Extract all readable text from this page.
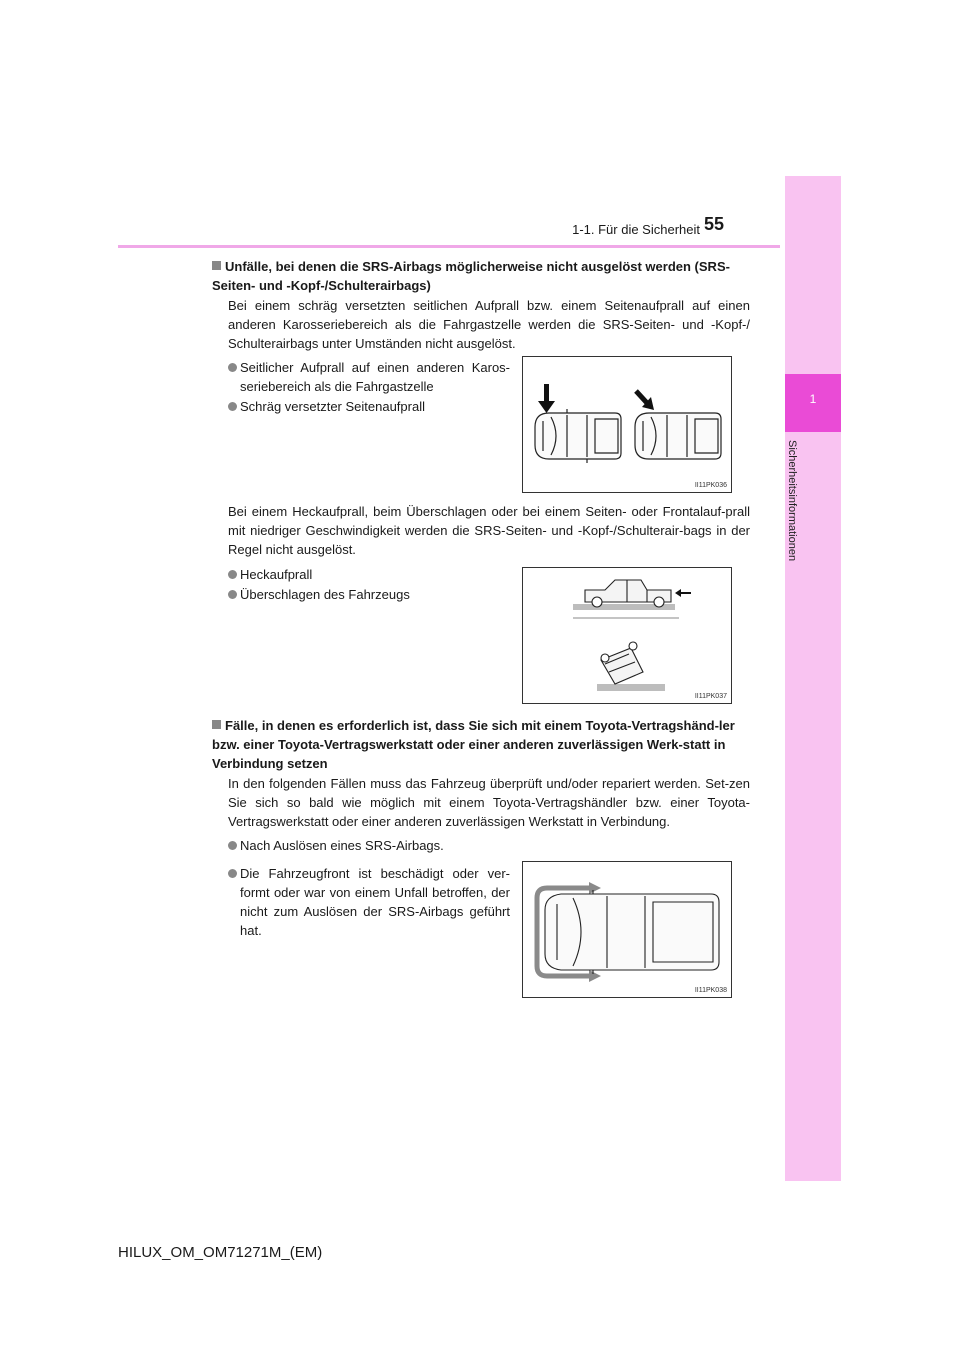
1-1. Für die Sicherheit 55
1
Sicherheitsinformationen
Unfälle, bei denen die SRS-Airbags möglicherweise nicht ausgelöst werden (SRS-Seiten- und -Kopf-/Schulterairbags)
Bei einem schräg versetzten seitlichen Aufprall bzw. einem Seitenaufprall auf einen anderen Karosseriebereich als die Fahrgastzelle werden die SRS-Seiten- und -Kopf-/ Schulterairbags unter Umständen nicht ausgelöst.
Seitlicher Aufprall auf einen anderen Karos-seriebereich als die Fahrgastzelle
Schräg versetzter Seitenaufprall
II11PK036
Bei einem Heckaufprall, beim Überschlagen oder bei einem Seiten- oder Frontalauf-prall mit niedriger Geschwindigkeit werden die SRS-Seiten- und -Kopf-/Schulterair-bags in der Regel nicht ausgelöst.
Heckaufprall
Überschlagen des Fahrzeugs
II11PK037
Fälle, in denen es erforderlich ist, dass Sie sich mit einem Toyota-Vertragshänd-ler bzw. einer Toyota-Vertragswerkstatt oder einer anderen zuverlässigen Werk-statt in Verbindung setzen
In den folgenden Fällen muss das Fahrzeug überprüft und/oder repariert werden. Set-zen Sie sich so bald wie möglich mit einem Toyota-Vertragshändler bzw. einer Toyota-Vertragswerkstatt oder einer anderen zuverlässigen Werkstatt in Verbindung.
Nach Auslösen eines SRS-Airbags.
Die Fahrzeugfront ist beschädigt oder ver-formt oder war von einem Unfall betroffen, der nicht zum Auslösen der SRS-Airbags geführt hat.
II11PK038
HILUX_OM_OM71271M_(EM)
